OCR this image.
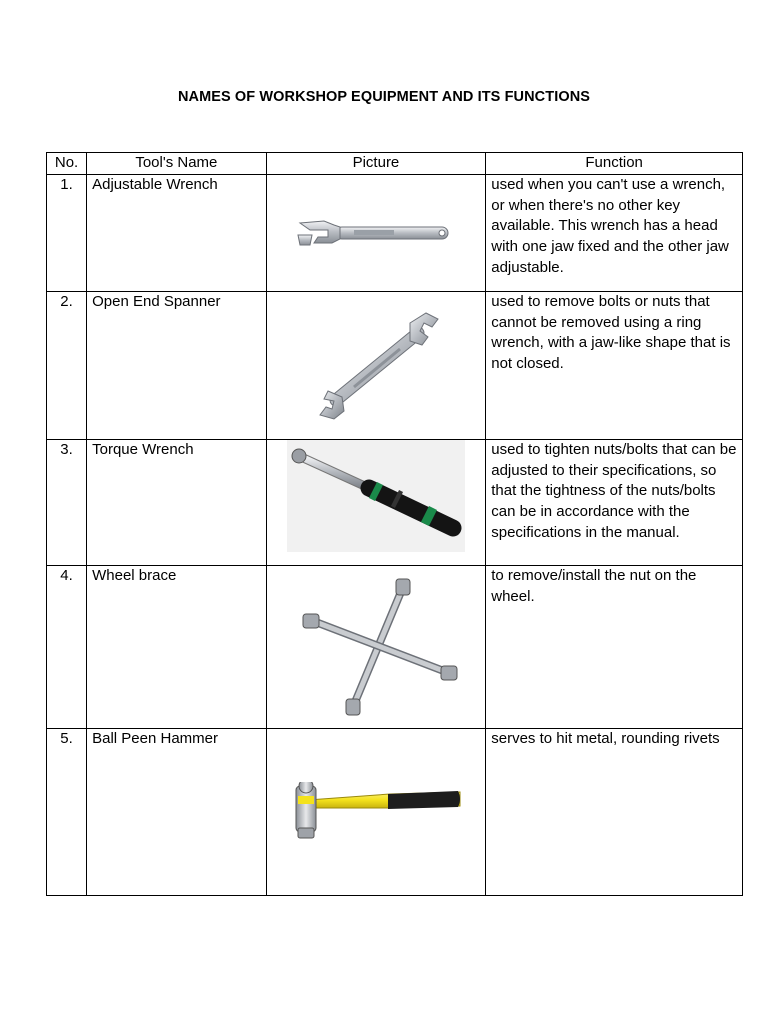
NAMES OF WORKSHOP EQUIPMENT AND ITS FUNCTIONS
No.	Tool's Name	Picture	Function
1.	Adjustable Wrench		used when you can't use a wrench, or when there's no other key available. This wrench has a head with one jaw fixed and the other jaw adjustable.
2.	Open End Spanner		used to remove bolts or nuts that cannot be removed using a ring wrench, with a jaw-like shape that is not closed.
3.	Torque Wrench		used to tighten nuts/bolts that can be adjusted to their specifications, so that the tightness of the nuts/bolts can be in accordance with the specifications in the manual.
4.	Wheel brace		to remove/install the nut on the wheel.
5.	Ball Peen Hammer		serves to hit metal, rounding rivets
